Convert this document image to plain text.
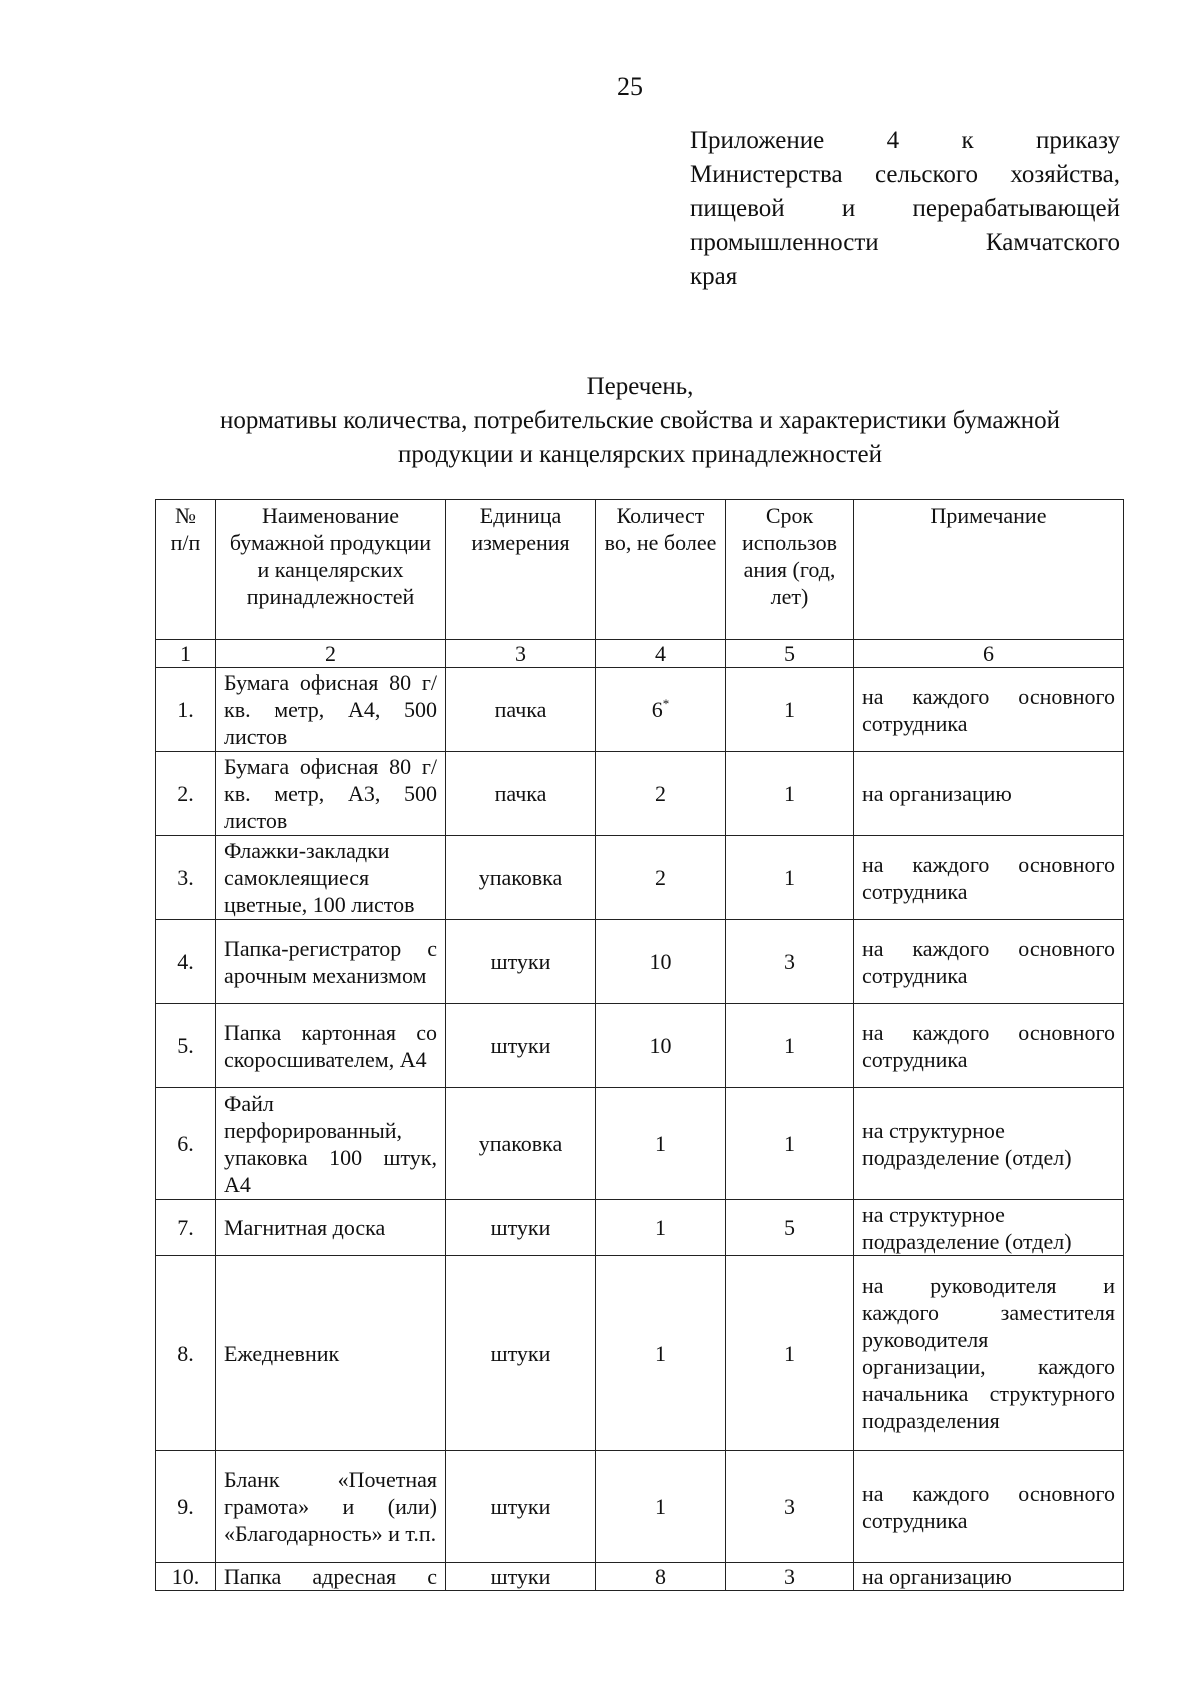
25
Приложение 4 к приказу
Министерства сельского хозяйства,
пищевой и перерабатывающей
промышленности Камчатского
края
Перечень,
нормативы количества, потребительские свойства и характеристики бумажной
продукции и канцелярских принадлежностей
№ п/п	Наименование бумажной продукции и канцелярских принадлежностей	Единица измерения	Количест во, не более	Срок использов ания (год, лет)	Примечание
1	2	3	4	5	6
1.	Бумага офисная 80 г/кв. метр, А4, 500 листов	пачка	6*	1	на каждого основного сотрудника
2.	Бумага офисная 80 г/кв. метр, А3, 500 листов	пачка	2	1	на организацию
3.	Флажки-закладки самоклеящиеся цветные, 100 листов	упаковка	2	1	на каждого основного сотрудника
4.	Папка-регистратор с арочным механизмом	штуки	10	3	на каждого основного сотрудника
5.	Папка картонная со скоросшивателем, А4	штуки	10	1	на каждого основного сотрудника
6.	Файл перфорированный, упаковка 100 штук, А4	упаковка	1	1	на структурное подразделение (отдел)
7.	Магнитная доска	штуки	1	5	на структурное подразделение (отдел)
8.	Ежедневник	штуки	1	1	на руководителя и каждого заместителя руководителя организации, каждого начальника структурного подразделения
9.	Бланк «Почетная грамота» и (или) «Благодарность» и т.п.	штуки	1	3	на каждого основного сотрудника
10.	Папка адресная с	штуки	8	3	на организацию
